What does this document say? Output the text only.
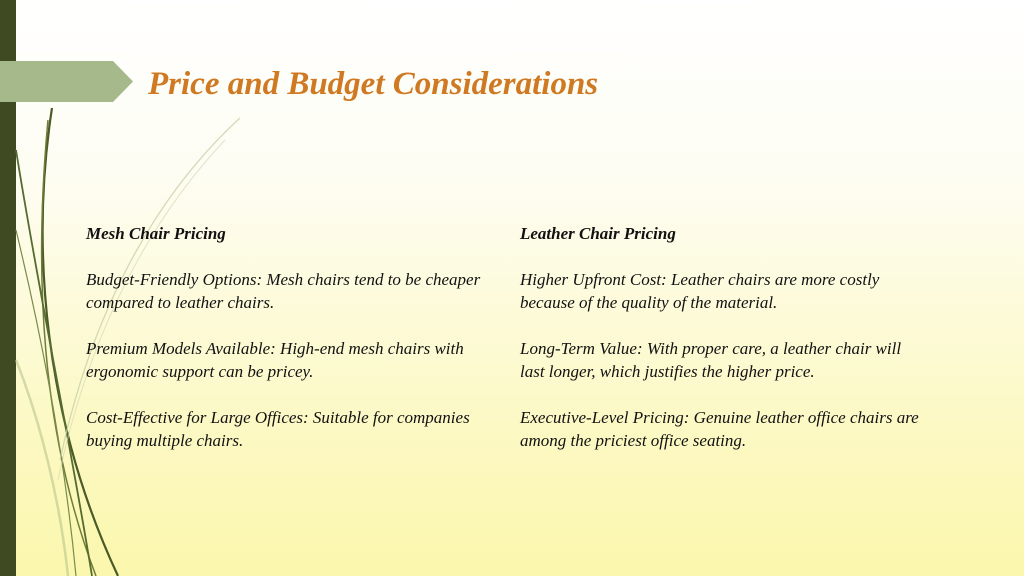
Price and Budget Considerations

Mesh Chair Pricing

Budget-Friendly Options: Mesh chairs tend to be cheaper compared to leather chairs.

Premium Models Available: High-end mesh chairs with ergonomic support can be pricey.

Cost-Effective for Large Offices: Suitable for companies buying multiple chairs.

Leather Chair Pricing

Higher Upfront Cost: Leather chairs are more costly because of the quality of the material.

Long-Term Value: With proper care, a leather chair will last longer, which justifies the higher price.

Executive-Level Pricing: Genuine leather office chairs are among the priciest office seating.
